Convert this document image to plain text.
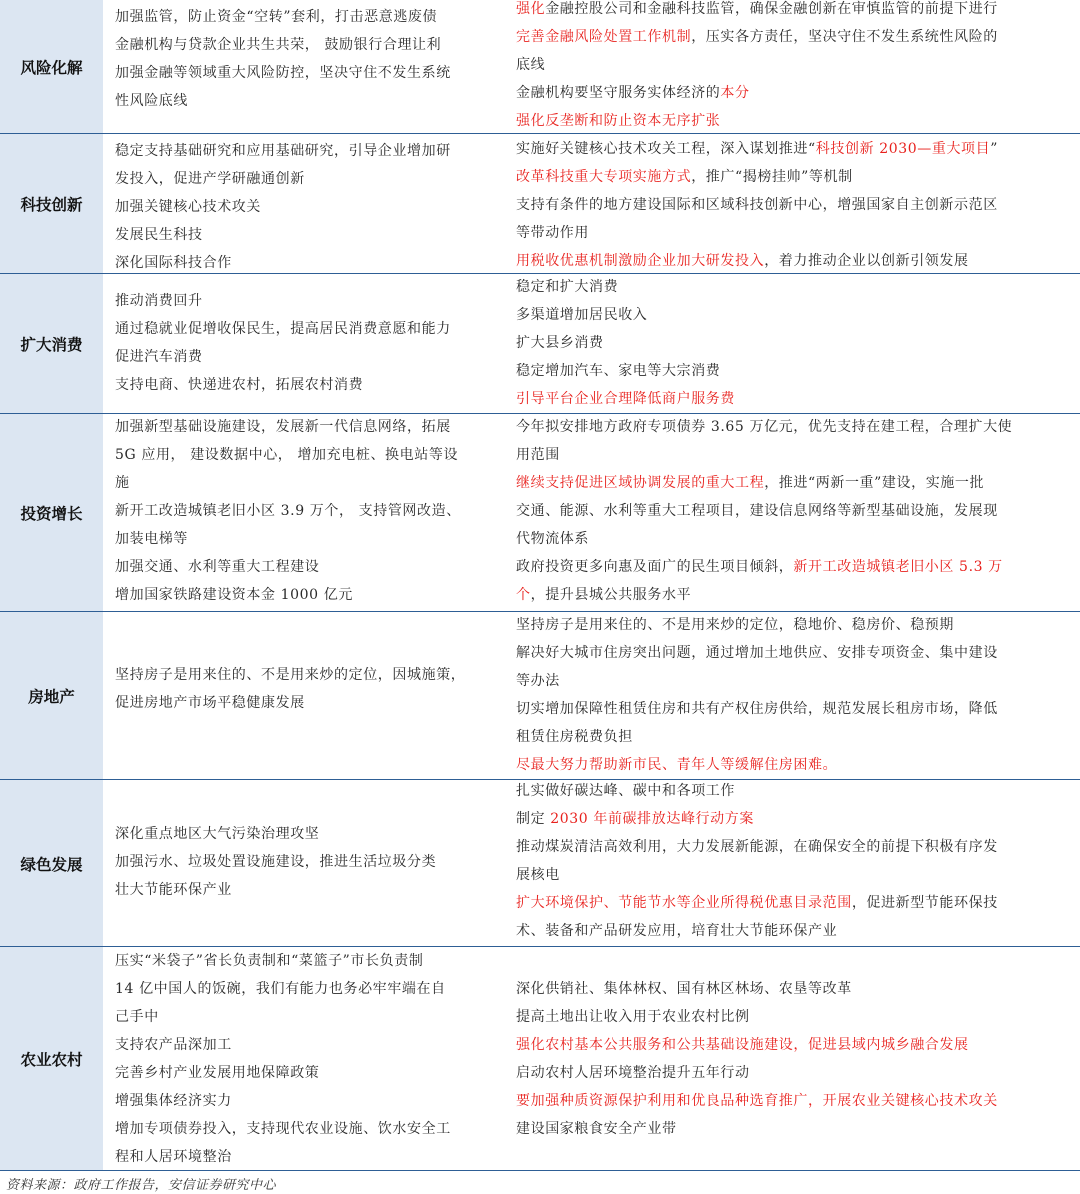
风险化解
加强监管，防止资金“空转”套利，打击恶意逃废债
金融机构与贷款企业共生共荣， 鼓励银行合理让利
加强金融等领域重大风险防控，坚决守住不发生系统
性风险底线
强化金融控股公司和金融科技监管，确保金融创新在审慎监管的前提下进行
完善金融风险处置工作机制，压实各方责任，坚决守住不发生系统性风险的
底线
金融机构要坚守服务实体经济的本分
强化反垄断和防止资本无序扩张
科技创新
稳定支持基础研究和应用基础研究，引导企业增加研
发投入，促进产学研融通创新
加强关键核心技术攻关
发展民生科技
深化国际科技合作
实施好关键核心技术攻关工程，深入谋划推进“科技创新 2030—重大项目”
改革科技重大专项实施方式，推广“揭榜挂帅”等机制
支持有条件的地方建设国际和区域科技创新中心，增强国家自主创新示范区
等带动作用
用税收优惠机制激励企业加大研发投入，着力推动企业以创新引领发展
扩大消费
推动消费回升
通过稳就业促增收保民生，提高居民消费意愿和能力
促进汽车消费
支持电商、快递进农村，拓展农村消费
稳定和扩大消费
多渠道增加居民收入
扩大县乡消费
稳定增加汽车、家电等大宗消费
引导平台企业合理降低商户服务费
投资增长
加强新型基础设施建设，发展新一代信息网络，拓展
5G 应用， 建设数据中心， 增加充电桩、换电站等设
施
新开工改造城镇老旧小区 3.9 万个， 支持管网改造、
加装电梯等
加强交通、水利等重大工程建设
增加国家铁路建设资本金 1000 亿元
今年拟安排地方政府专项债券 3.65 万亿元，优先支持在建工程，合理扩大使
用范围
继续支持促进区域协调发展的重大工程，推进“两新一重”建设，实施一批
交通、能源、水利等重大工程项目，建设信息网络等新型基础设施，发展现
代物流体系
政府投资更多向惠及面广的民生项目倾斜，新开工改造城镇老旧小区 5.3 万
个，提升县城公共服务水平
房地产
坚持房子是用来住的、不是用来炒的定位，因城施策，
促进房地产市场平稳健康发展
坚持房子是用来住的、不是用来炒的定位，稳地价、稳房价、稳预期
解决好大城市住房突出问题，通过增加土地供应、安排专项资金、集中建设
等办法
切实增加保障性租赁住房和共有产权住房供给，规范发展长租房市场，降低
租赁住房税费负担
尽最大努力帮助新市民、青年人等缓解住房困难。
绿色发展
深化重点地区大气污染治理攻坚
加强污水、垃圾处置设施建设，推进生活垃圾分类
壮大节能环保产业
扎实做好碳达峰、碳中和各项工作
制定 2030 年前碳排放达峰行动方案
推动煤炭清洁高效利用，大力发展新能源，在确保安全的前提下积极有序发
展核电
扩大环境保护、节能节水等企业所得税优惠目录范围，促进新型节能环保技
术、装备和产品研发应用，培育壮大节能环保产业
农业农村
压实“米袋子”省长负责制和“菜篮子”市长负责制
14 亿中国人的饭碗，我们有能力也务必牢牢端在自
己手中
支持农产品深加工
完善乡村产业发展用地保障政策
增强集体经济实力
增加专项债券投入，支持现代农业设施、饮水安全工
程和人居环境整治
深化供销社、集体林权、国有林区林场、农垦等改革
提高土地出让收入用于农业农村比例
强化农村基本公共服务和公共基础设施建设，促进县域内城乡融合发展
启动农村人居环境整治提升五年行动
要加强种质资源保护利用和优良品种选育推广，开展农业关键核心技术攻关
建设国家粮食安全产业带
资料来源：政府工作报告，安信证券研究中心
